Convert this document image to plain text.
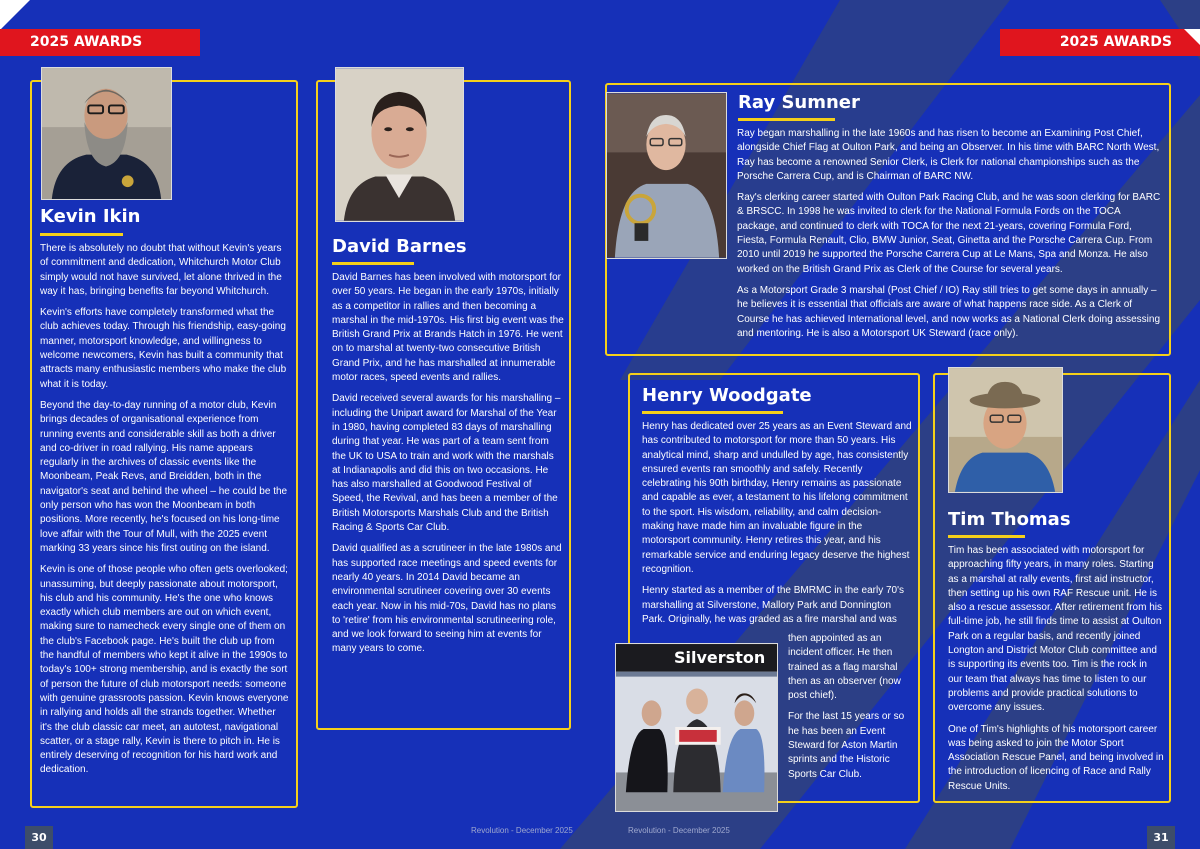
2025 AWARDS	2025 AWARDS
Kevin Ikin

There is absolutely no doubt that without Kevin's years of commitment and dedication, Whitchurch Motor Club simply would not have survived, let alone thrived in the way it has, bringing benefits far beyond Whitchurch.

Kevin's efforts have completely transformed what the club achieves today. Through his friendship, easy-going manner, motorsport knowledge, and willingness to welcome newcomers, Kevin has built a community that attracts many enthusiastic members who make the club what it is today.

Beyond the day-to-day running of a motor club, Kevin brings decades of organisational experience from running events and considerable skill as both a driver and co-driver in road rallying. His name appears regularly in the archives of classic events like the Moonbeam, Peak Revs, and Breidden, both in the navigator's seat and behind the wheel – he could be the only person who has won the Moonbeam in both positions. More recently, he's focused on his long-time love affair with the Tour of Mull, with the 2025 event marking 33 years since his first outing on the island.

Kevin is one of those people who often gets overlooked; unassuming, but deeply passionate about motorsport, his club and his community. He's the one who knows exactly which club members are out on which event, making sure to namecheck every single one of them on the club's Facebook page. He's built the club up from the handful of members who kept it alive in the 1990s to today's 100+ strong membership, and is exactly the sort of person the future of club motorsport needs: someone with genuine grassroots passion. Kevin knows everyone in rallying and holds all the strands together. Whether it's the club classic car meet, an autotest, navigational scatter, or a stage rally, Kevin is there to pitch in. He is entirely deserving of recognition for his hard work and dedication.

David Barnes

David Barnes has been involved with motorsport for over 50 years. He began in the early 1970s, initially as a competitor in rallies and then becoming a marshal in the mid-1970s. His first big event was the British Grand Prix at Brands Hatch in 1976. He went on to marshal at twenty-two consecutive British Grand Prix, and he has marshalled at innumerable motor races, speed events and rallies.

David received several awards for his marshalling – including the Unipart award for Marshal of the Year in 1980, having completed 83 days of marshalling during that year. He was part of a team sent from the UK to USA to train and work with the marshals at Indianapolis and did this on two occasions. He has also marshalled at Goodwood Festival of Speed, the Revival, and has been a member of the British Motorsports Marshals Club and the British Racing & Sports Car Club.

David qualified as a scrutineer in the late 1980s and has supported race meetings and speed events for nearly 40 years. In 2014 David became an environmental scrutineer covering over 30 events each year. Now in his mid-70s, David has no plans to 'retire' from his environmental scrutineering role, and we look forward to seeing him at events for many years to come.

Ray Sumner

Ray began marshalling in the late 1960s and has risen to become an Examining Post Chief, alongside Chief Flag at Oulton Park, and being an Observer. In his time with BARC North West, Ray has become a renowned Senior Clerk, is Clerk for national championships such as the Porsche Carrera Cup, and is Chairman of BARC NW.

Ray's clerking career started with Oulton Park Racing Club, and he was soon clerking for BARC & BRSCC. In 1998 he was invited to clerk for the National Formula Fords on the TOCA package, and continued to clerk with TOCA for the next 21-years, covering Formula Ford, Fiesta, Formula Renault, Clio, BMW Junior, Seat, Ginetta and the Porsche Carrera Cup. From 2010 until 2019 he supported the Porsche Carrera Cup at Le Mans, Spa and Monza. He also worked on the British Grand Prix as Clerk of the Course for several years.

As a Motorsport Grade 3 marshal (Post Chief / IO) Ray still tries to get some days in annually – he believes it is essential that officials are aware of what happens race side. As a Clerk of Course he has achieved International level, and now works as a National Clerk doing assessing and mentoring. He is also a Motorsport UK Steward (race only).

Henry Woodgate

Henry has dedicated over 25 years as an Event Steward and has contributed to motorsport for more than 50 years. His analytical mind, sharp and undulled by age, has consistently ensured events ran smoothly and safely. Recently celebrating his 90th birthday, Henry remains as passionate and capable as ever, a testament to his lifelong commitment to the sport. His wisdom, reliability, and calm decision-making have made him an invaluable figure in the motorsport community. Henry retires this year, and his remarkable service and enduring legacy deserve the highest recognition.

Henry started as a member of the BMRMC in the early 70's marshalling at Silverstone, Mallory Park and Donnington Park. Originally, he was graded as a fire marshal and was

Silverston

then appointed as an incident officer. He then trained as a flag marshal then as an observer (now post chief).

For the last 15 years or so he has been an Event Steward for Aston Martin sprints and the Historic Sports Car Club.

Tim Thomas

Tim has been associated with motorsport for approaching fifty years, in many roles. Starting as a marshal at rally events, first aid instructor, then setting up his own RAF Rescue unit. He is also a rescue assessor. After retirement from his full-time job, he still finds time to assist at Oulton Park on a regular basis, and recently joined Longton and District Motor Club committee and is supporting its events too. Tim is the rock in our team that always has time to listen to our problems and provide practical solutions to overcome any issues.

One of Tim's highlights of his motorsport career was being asked to join the Motor Sport Association Rescue Panel, and being involved in the introduction of licencing of Race and Rally Rescue Units.

30
Revolution - December 2025	Revolution - December 2025
31
